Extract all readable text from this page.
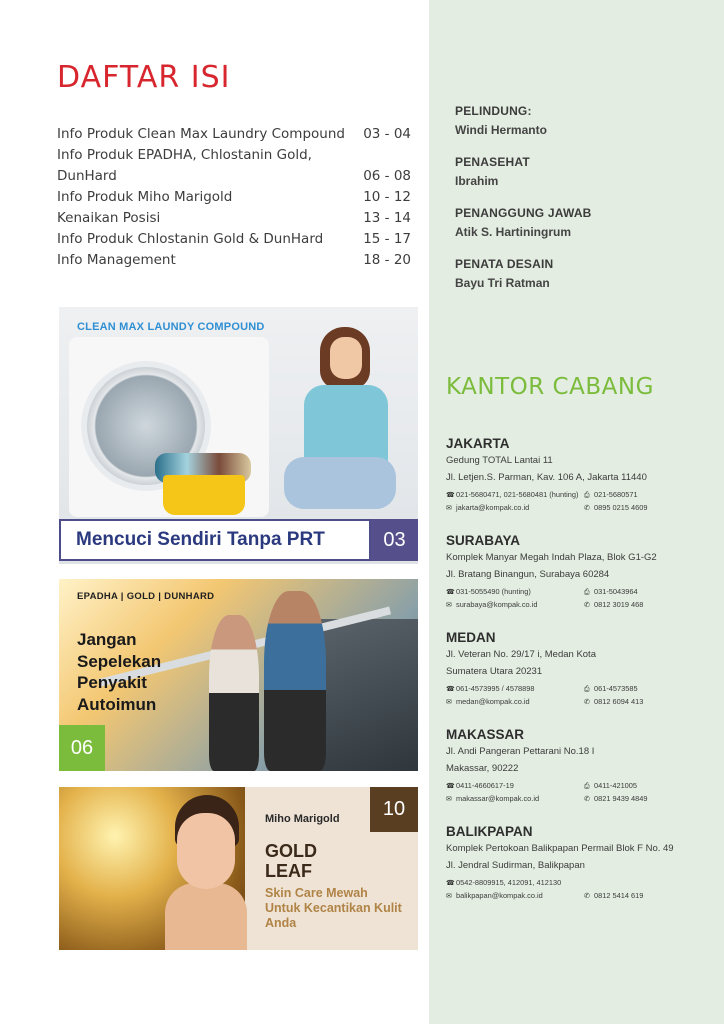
DAFTAR ISI
Info Produk Clean Max Laundry Compound	03 - 04
Info Produk EPADHA, Chlostanin Gold, DunHard	06 - 08
Info Produk Miho Marigold	10 - 12
Kenaikan Posisi	13 - 14
Info Produk Chlostanin Gold & DunHard	15 - 17
Info Management	18 - 20
CLEAN MAX LAUNDY COMPOUND
Mencuci Sendiri Tanpa PRT	03
EPADHA | GOLD | DUNHARD
Jangan Sepelekan Penyakit Autoimun
06
Miho Marigold	10
GOLD LEAF
Skin Care Mewah Untuk Kecantikan Kulit Anda
PELINDUNG:
Windi Hermanto
PENASEHAT
Ibrahim
PENANGGUNG JAWAB
Atik S. Hartiningrum
PENATA DESAIN
Bayu Tri Ratman
KANTOR CABANG
JAKARTA
Gedung TOTAL Lantai 11
Jl. Letjen.S. Parman, Kav. 106 A, Jakarta 11440
☎021-5680471, 021-5680481 (hunting) ⎙ 021-5680571
✉ jakarta@kompak.co.id	✆ 0895 0215 4609
SURABAYA
Komplek Manyar Megah Indah Plaza, Blok G1-G2
Jl. Bratang Binangun, Surabaya 60284
☎031-5055490 (hunting)	⎙ 031-5043964
✉ surabaya@kompak.co.id	✆ 0812 3019 468
MEDAN
Jl. Veteran No. 29/17 i, Medan Kota
Sumatera Utara 20231
☎061-4573995 / 4578898	⎙ 061-4573585
✉ medan@kompak.co.id	✆ 0812 6094 413
MAKASSAR
Jl. Andi Pangeran Pettarani No.18 I
Makassar, 90222
☎0411-4660617-19	⎙ 0411-421005
✉ makassar@kompak.co.id	✆ 0821 9439 4849
BALIKPAPAN
Komplek Pertokoan Balikpapan Permail Blok F No. 49
Jl. Jendral Sudirman, Balikpapan
☎0542-8809915, 412091, 412130
✉ balikpapan@kompak.co.id	✆ 0812 5414 619
